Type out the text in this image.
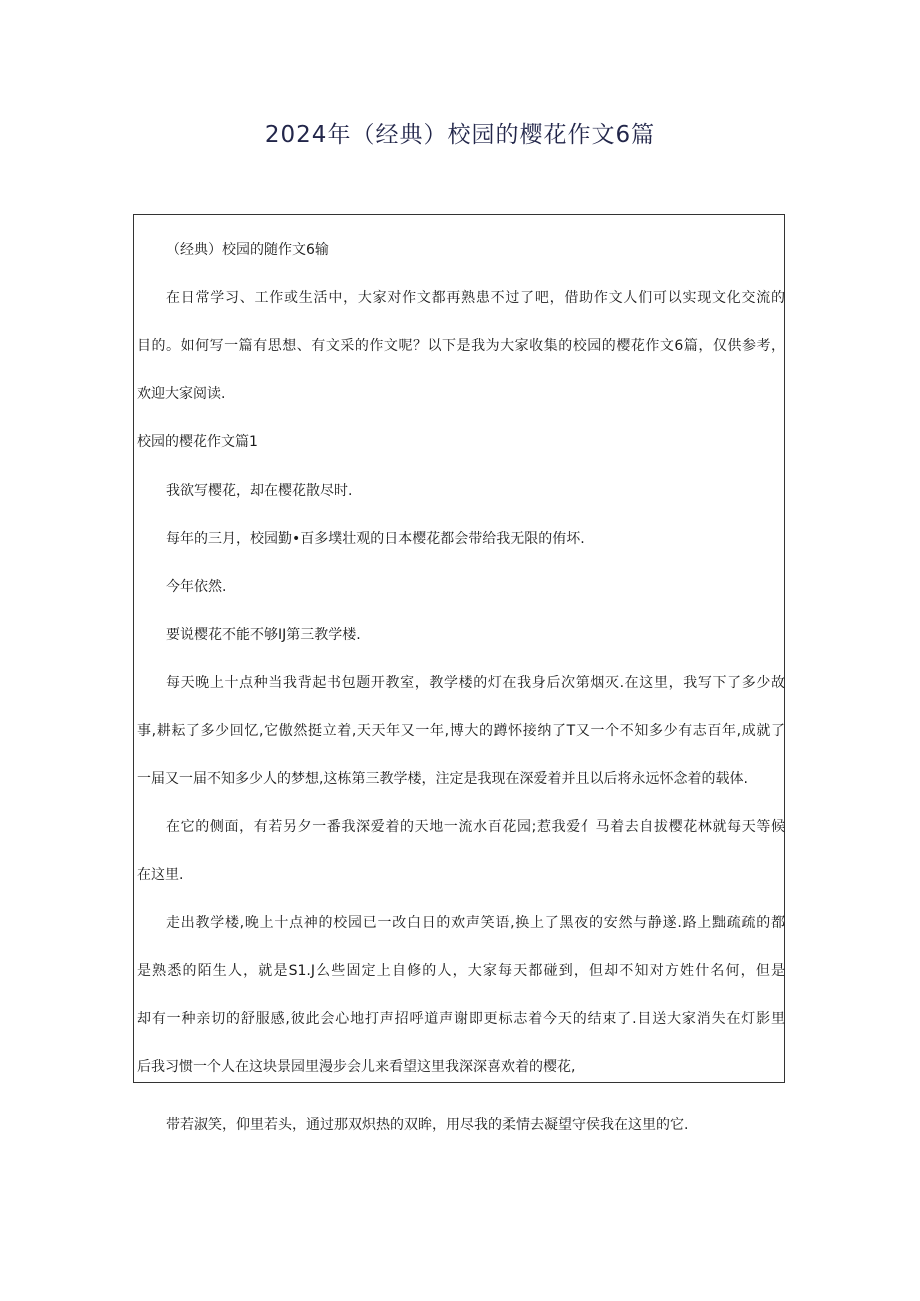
2024年（经典）校园的樱花作文6篇

（经典）校园的随作文6输

在日常学习、工作或生活中，大家对作文都再熟患不过了吧，借助作文人们可以实现文化交流的

目的。如何写一篇有思想、有文采的作文呢？以下是我为大家收集的校园的樱花作文6篇，仅供参考，

欢迎大家阅读.

校园的樱花作文篇1

我欲写樱花，却在樱花散尽时.

每年的三月，校园勤•百多墣壮观的日本樱花都会带给我无限的侑坏.

今年依然.

要说樱花不能不够IJ第三教学楼.

每天晚上十点种当我背起书包题开教室，教学楼的灯在我身后次第烟灭.在这里，我写下了多少故

事,耕耘了多少回忆,它傲然挺立着,天天年又一年,博大的蹲怀接纳了T又一个不知多少有志百年,成就了

一届又一届不知多少人的梦想,这栋第三教学楼，注定是我现在深爱着并且以后将永远怀念着的载体.

在它的侧面，有若另夕一番我深爱着的天地一流水百花园;惹我爱亻马着去自拔樱花林就每天等候

在这里.

走出教学楼,晚上十点神的校园已一改白日的欢声笑语,换上了黑夜的安然与静遂.路上黜疏疏的都

是熟悉的陌生人，就是S1.J么些固定上自修的人，大家每天都碰到，但却不知对方姓什名何，但是

却有一种亲切的舒服感,彼此会心地打声招呼道声谢即更标志着今天的结束了.目送大家消失在灯影里

后我习惯一个人在这块景园里漫步会儿来看望这里我深深喜欢着的樱花,

带若淑笑，仰里若头，通过那双炽热的双眸，用尽我的柔情去凝望守侯我在这里的它.
